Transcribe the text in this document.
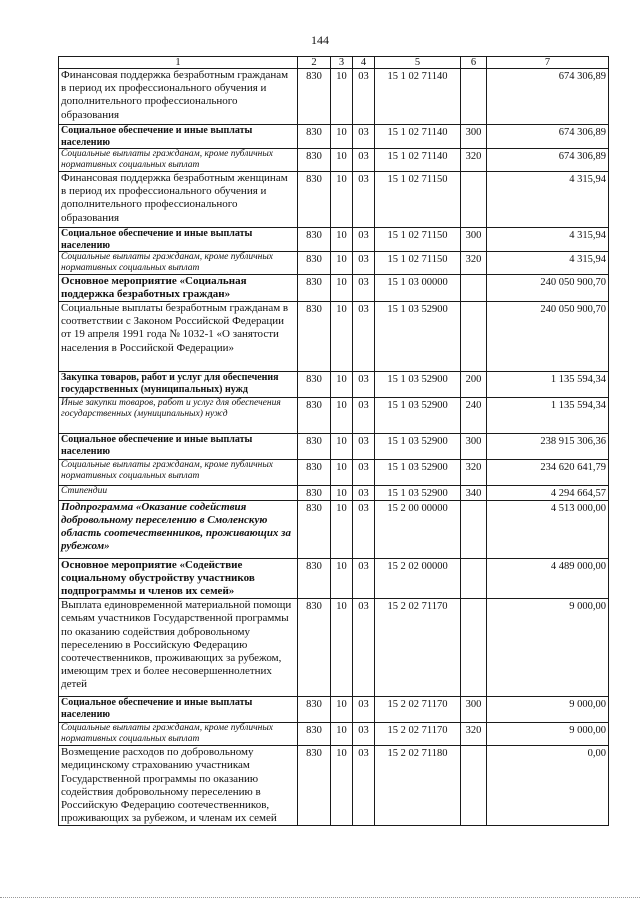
144
1	2	3	4	5	6	7
Финансовая поддержка безработным гражданам в период их профессионального обучения и дополнительного профессионального образования	830	10	03	15 1 02 71140		674 306,89
Социальное обеспечение и иные выплаты населению	830	10	03	15 1 02 71140	300	674 306,89
Социальные выплаты гражданам, кроме публичных нормативных социальных выплат	830	10	03	15 1 02 71140	320	674 306,89
Финансовая поддержка безработным женщинам в период их профессионального обучения и дополнительного профессионального образования	830	10	03	15 1 02 71150		4 315,94
Социальное обеспечение и иные выплаты населению	830	10	03	15 1 02 71150	300	4 315,94
Социальные выплаты гражданам, кроме публичных нормативных социальных выплат	830	10	03	15 1 02 71150	320	4 315,94
Основное мероприятие «Социальная поддержка безработных граждан»	830	10	03	15 1 03 00000		240 050 900,70
Социальные выплаты безработным гражданам в соответствии с Законом Российской Федерации от 19 апреля 1991 года № 1032-1 «О занятости населения в Российской Федерации»	830	10	03	15 1 03 52900		240 050 900,70
Закупка товаров, работ и услуг для обеспечения государственных (муниципальных) нужд	830	10	03	15 1 03 52900	200	1 135 594,34
Иные закупки товаров, работ и услуг для обеспечения государственных (муниципальных) нужд	830	10	03	15 1 03 52900	240	1 135 594,34
Социальное обеспечение и иные выплаты населению	830	10	03	15 1 03 52900	300	238 915 306,36
Социальные выплаты гражданам, кроме публичных нормативных социальных выплат	830	10	03	15 1 03 52900	320	234 620 641,79
Стипендии	830	10	03	15 1 03 52900	340	4 294 664,57
Подпрограмма «Оказание содействия добровольному переселению в Смоленскую область соотечественников, проживающих за рубежом»	830	10	03	15 2 00 00000		4 513 000,00
Основное мероприятие «Содействие социальному обустройству участников подпрограммы и членов их семей»	830	10	03	15 2 02 00000		4 489 000,00
Выплата единовременной материальной помощи семьям участников Государственной программы по оказанию содействия добровольному переселению в Российскую Федерацию соотечественников, проживающих за рубежом, имеющим трех и более несовершеннолетних детей	830	10	03	15 2 02 71170		9 000,00
Социальное обеспечение и иные выплаты населению	830	10	03	15 2 02 71170	300	9 000,00
Социальные выплаты гражданам, кроме публичных нормативных социальных выплат	830	10	03	15 2 02 71170	320	9 000,00
Возмещение расходов по добровольному медицинскому страхованию участникам Государственной программы по оказанию содействия добровольному переселению в Российскую Федерацию соотечественников, проживающих за рубежом, и членам их семей	830	10	03	15 2 02 71180		0,00
